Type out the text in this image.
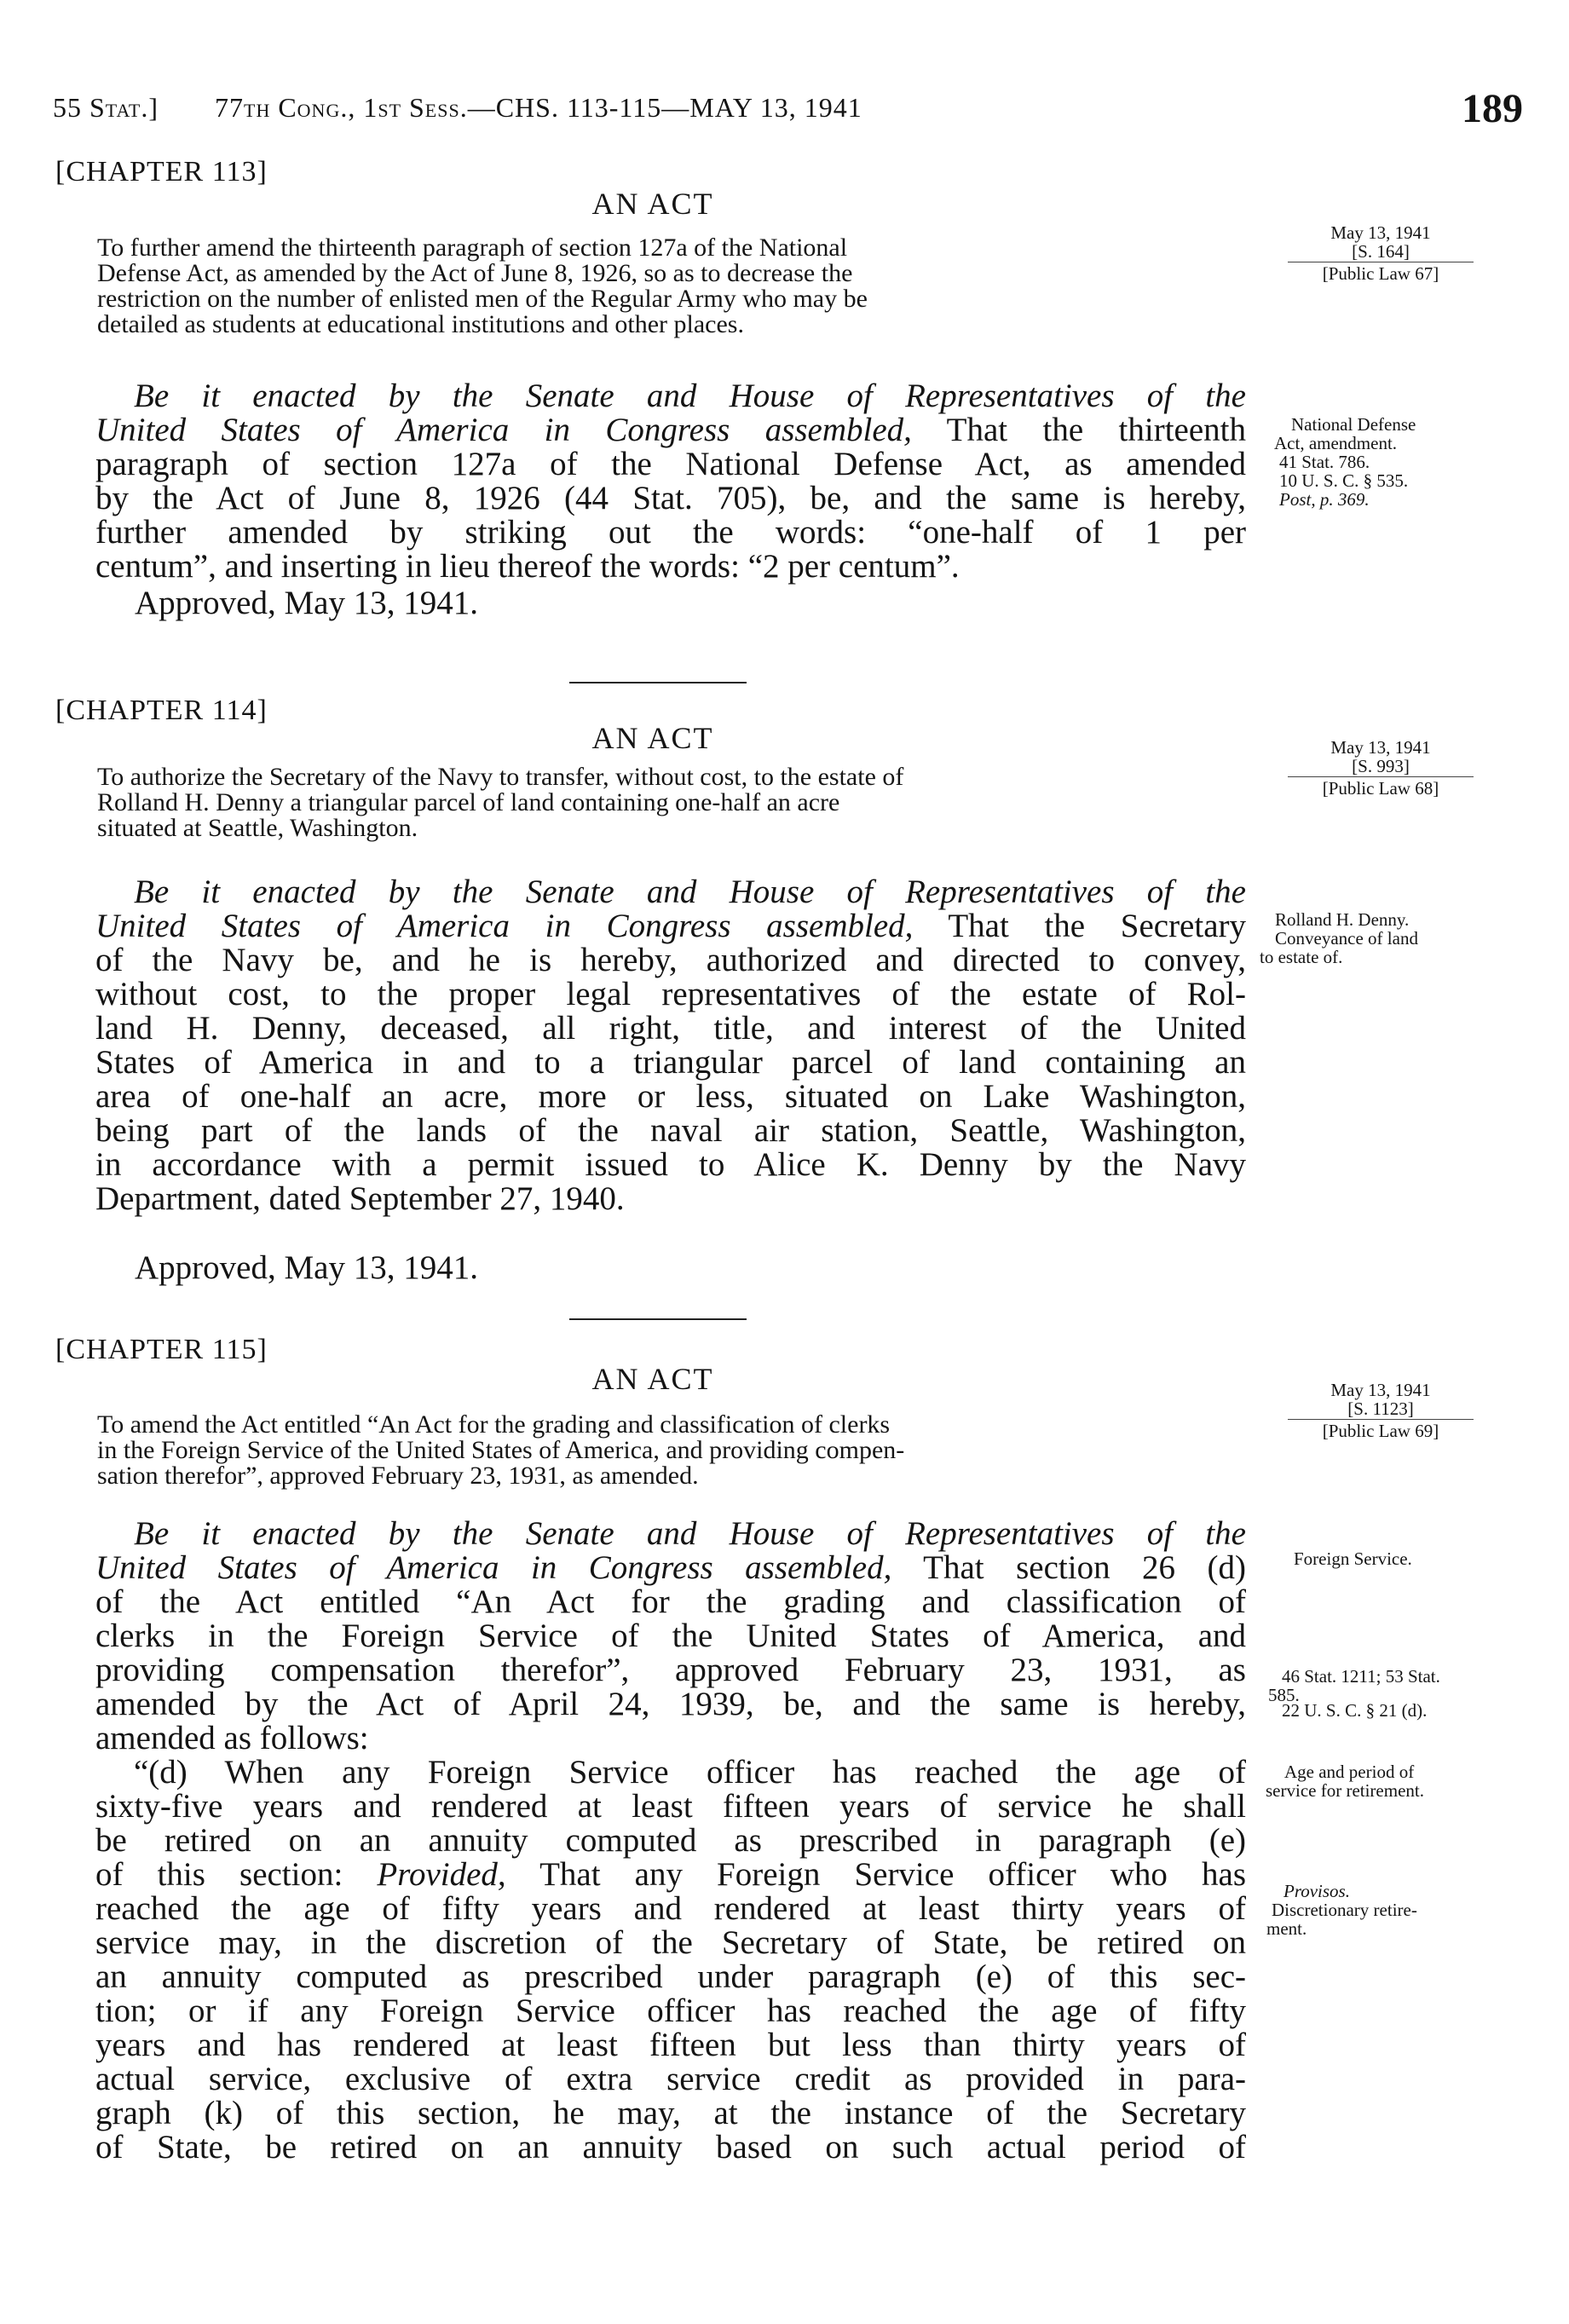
55 Stat.] 77th Cong., 1st Sess.—CHS. 113-115—MAY 13, 1941	189
[CHAPTER 113]
AN ACT
To further amend the thirteenth paragraph of section 127a of the National
Defense Act, as amended by the Act of June 8, 1926, so as to decrease the
restriction on the number of enlisted men of the Regular Army who may be
detailed as students at educational institutions and other places.
Be it enacted by the Senate and House of Representatives of the
United States of America in Congress assembled, That the thirteenth
paragraph of section 127a of the National Defense Act, as amended
by the Act of June 8, 1926 (44 Stat. 705), be, and the same is hereby,
further amended by striking out the words: “one-half of 1 per
centum”, and inserting in lieu thereof the words: “2 per centum”.
Approved, May 13, 1941.
May 13, 1941
[S. 164]
[Public Law 67]
National Defense
Act, amendment.
41 Stat. 786.
10 U. S. C. § 535.
Post, p. 369.
[CHAPTER 114]
AN ACT
To authorize the Secretary of the Navy to transfer, without cost, to the estate of
Rolland H. Denny a triangular parcel of land containing one-half an acre
situated at Seattle, Washington.
Be it enacted by the Senate and House of Representatives of the
United States of America in Congress assembled, That the Secretary
of the Navy be, and he is hereby, authorized and directed to convey,
without cost, to the proper legal representatives of the estate of Rol-
land H. Denny, deceased, all right, title, and interest of the United
States of America in and to a triangular parcel of land containing an
area of one-half an acre, more or less, situated on Lake Washington,
being part of the lands of the naval air station, Seattle, Washington,
in accordance with a permit issued to Alice K. Denny by the Navy
Department, dated September 27, 1940.
Approved, May 13, 1941.
May 13, 1941
[S. 993]
[Public Law 68]
Rolland H. Denny.
Conveyance of land
to estate of.
[CHAPTER 115]
AN ACT
To amend the Act entitled “An Act for the grading and classification of clerks
in the Foreign Service of the United States of America, and providing compen-
sation therefor”, approved February 23, 1931, as amended.
Be it enacted by the Senate and House of Representatives of the
United States of America in Congress assembled, That section 26 (d)
of the Act entitled “An Act for the grading and classification of
clerks in the Foreign Service of the United States of America, and
providing compensation therefor”, approved February 23, 1931, as
amended by the Act of April 24, 1939, be, and the same is hereby,
amended as follows:
“(d) When any Foreign Service officer has reached the age of
sixty-five years and rendered at least fifteen years of service he shall
be retired on an annuity computed as prescribed in paragraph (e)
of this section: Provided, That any Foreign Service officer who has
reached the age of fifty years and rendered at least thirty years of
service may, in the discretion of the Secretary of State, be retired on
an annuity computed as prescribed under paragraph (e) of this sec-
tion; or if any Foreign Service officer has reached the age of fifty
years and has rendered at least fifteen but less than thirty years of
actual service, exclusive of extra service credit as provided in para-
graph (k) of this section, he may, at the instance of the Secretary
of State, be retired on an annuity based on such actual period of
May 13, 1941
[S. 1123]
[Public Law 69]
Foreign Service.
46 Stat. 1211; 53 Stat.
585.
22 U. S. C. § 21 (d).
Age and period of
service for retirement.
Provisos.
Discretionary retire-
ment.
